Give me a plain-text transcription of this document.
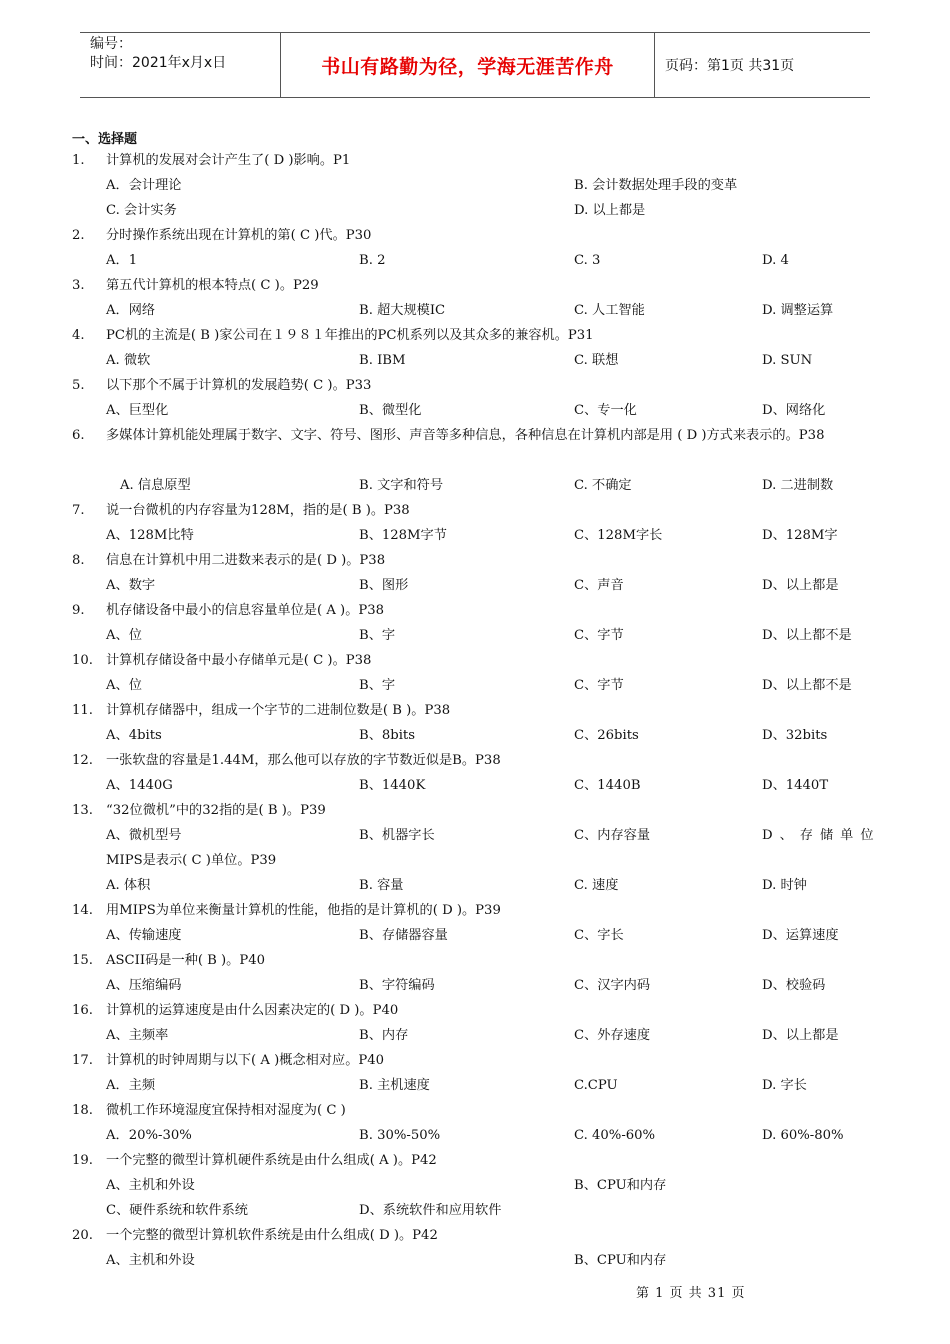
编号：
时间：2021年x月x日	书山有路勤为径，学海无涯苦作舟	页码：第1页 共31页
一、选择题
1. 计算机的发展对会计产生了( D )影响。P1
A．会计理论	B. 会计数据处理手段的变革
C. 会计实务	D. 以上都是
2. 分时操作系统出现在计算机的第( C )代。P30
A．1	B. 2	C. 3	D. 4
3. 第五代计算机的根本特点( C )。P29
A．网络	B. 超大规模IC	C. 人工智能	D. 调整运算
4. PC机的主流是( B )家公司在１９８１年推出的PC机系列以及其众多的兼容机。P31
A. 微软	B. IBM	C. 联想	D. SUN
5. 以下那个不属于计算机的发展趋势( C )。P33
A、巨型化	B、微型化	C、专一化	D、网络化
6. 多媒体计算机能处理属于数字、文字、符号、图形、声音等多种信息，各种信息在计算机内部是用 ( D )方式来表示的。P38
A. 信息原型	B. 文字和符号	C. 不确定	D. 二进制数
7. 说一台微机的内存容量为128M，指的是( B )。P38
A、128M比特	B、128M字节	C、128M字长	D、128M字
8. 信息在计算机中用二进数来表示的是( D )。P38
A、数字	B、图形	C、声音	D、以上都是
9. 机存储设备中最小的信息容量单位是( A )。P38
A、位	B、字	C、字节	D、以上都不是
10. 计算机存储设备中最小存储单元是( C )。P38
A、位	B、字	C、字节	D、以上都不是
11. 计算机存储器中，组成一个字节的二进制位数是( B )。P38
A、4bits	B、8bits	C、26bits	D、32bits
12. 一张软盘的容量是1.44M，那么他可以存放的字节数近似是B。P38
A、1440G	B、1440K	C、1440B	D、1440T
13. “32位微机”中的32指的是( B )。P39
A、微机型号	B、机器字长	C、内存容量	D、存储单位
MIPS是表示( C )单位。P39
A. 体积	B. 容量	C. 速度	D. 时钟
14. 用MIPS为单位来衡量计算机的性能，他指的是计算机的( D )。P39
A、传输速度	B、存储器容量	C、字长	D、运算速度
15. ASCII码是一种( B )。P40
A、压缩编码	B、字符编码	C、汉字内码	D、校验码
16. 计算机的运算速度是由什么因素决定的( D )。P40
A、主频率	B、内存	C、外存速度	D、以上都是
17. 计算机的时钟周期与以下( A )概念相对应。P40
A．主频	B. 主机速度	C.CPU	D. 字长
18. 微机工作环境湿度宜保持相对湿度为( C )
A．20%-30%	B. 30%-50%	C. 40%-60%	D. 60%-80%
19. 一个完整的微型计算机硬件系统是由什么组成( A )。P42
A、主机和外设	B、CPU和内存
C、硬件系统和软件系统	D、系统软件和应用软件
20. 一个完整的微型计算机软件系统是由什么组成( D )。P42
A、主机和外设	B、CPU和内存
第 1 页 共 31 页
